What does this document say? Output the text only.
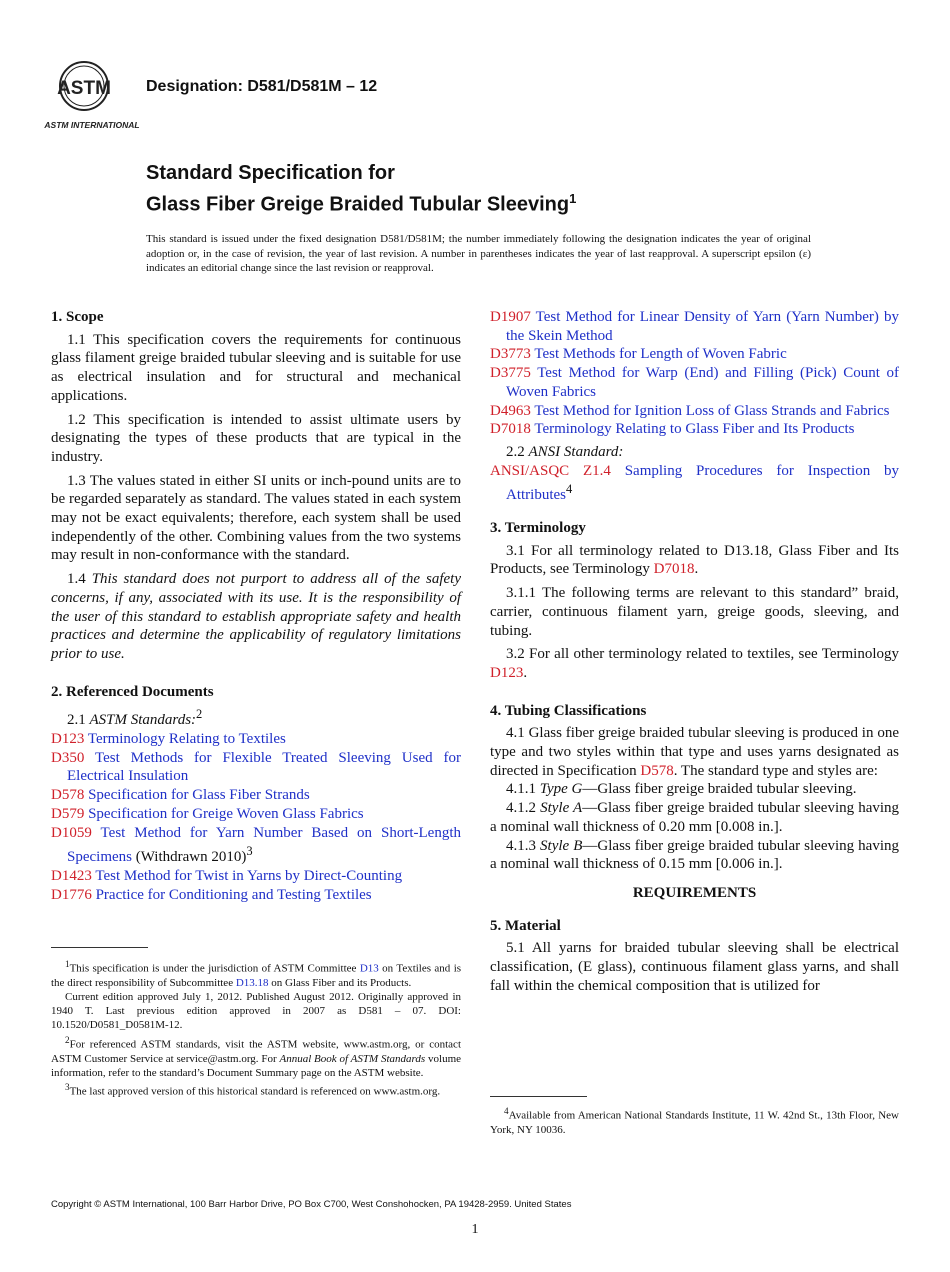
ASTM
ASTM INTERNATIONAL
Designation: D581/D581M – 12
Standard Specification for
Glass Fiber Greige Braided Tubular Sleeving$^1$
This standard is issued under the fixed designation D581/D581M; the number immediately following the designation indicates the year of original adoption or, in the case of revision, the year of last revision. A number in parentheses indicates the year of last reapproval. A superscript epsilon (ε) indicates an editorial change since the last revision or reapproval.
1. Scope
1.1 This specification covers the requirements for continuous glass filament greige braided tubular sleeving and is suitable for use as electrical insulation and for structural and mechanical applications.
1.2 This specification is intended to assist ultimate users by designating the types of these products that are typical in the industry.
1.3 The values stated in either SI units or inch-pound units are to be regarded separately as standard. The values stated in each system may not be exact equivalents; therefore, each system shall be used independently of the other. Combining values from the two systems may result in non-conformance with the standard.
1.4 This standard does not purport to address all of the safety concerns, if any, associated with its use. It is the responsibility of the user of this standard to establish appropriate safety and health practices and determine the applicability of regulatory limitations prior to use.
2. Referenced Documents
2.1 ASTM Standards:$^2$
D123 Terminology Relating to Textiles
D350 Test Methods for Flexible Treated Sleeving Used for Electrical Insulation
D578 Specification for Glass Fiber Strands
D579 Specification for Greige Woven Glass Fabrics
D1059 Test Method for Yarn Number Based on Short-Length Specimens (Withdrawn 2010)$^3$
D1423 Test Method for Twist in Yarns by Direct-Counting
D1776 Practice for Conditioning and Testing Textiles
D1907 Test Method for Linear Density of Yarn (Yarn Number) by the Skein Method
D3773 Test Methods for Length of Woven Fabric
D3775 Test Method for Warp (End) and Filling (Pick) Count of Woven Fabrics
D4963 Test Method for Ignition Loss of Glass Strands and Fabrics
D7018 Terminology Relating to Glass Fiber and Its Products
2.2 ANSI Standard:
ANSI/ASQC Z1.4 Sampling Procedures for Inspection by Attributes$^4$
3. Terminology
3.1 For all terminology related to D13.18, Glass Fiber and Its Products, see Terminology D7018.
3.1.1 The following terms are relevant to this standard” braid, carrier, continuous filament yarn, greige goods, sleeving, and tubing.
3.2 For all other terminology related to textiles, see Terminology D123.
4. Tubing Classifications
4.1 Glass fiber greige braided tubular sleeving is produced in one type and two styles within that type and uses yarns designated as directed in Specification D578. The standard type and styles are:
4.1.1 Type G—Glass fiber greige braided tubular sleeving.
4.1.2 Style A—Glass fiber greige braided tubular sleeving having a nominal wall thickness of 0.20 mm [0.008 in.].
4.1.3 Style B—Glass fiber greige braided tubular sleeving having a nominal wall thickness of 0.15 mm [0.006 in.].
REQUIREMENTS
5. Material
5.1 All yarns for braided tubular sleeving shall be electrical classification, (E glass), continuous filament glass yarns, and shall fall within the chemical composition that is utilized for

$^1$This specification is under the jurisdiction of ASTM Committee D13 on Textiles and is the direct responsibility of Subcommittee D13.18 on Glass Fiber and its Products.

Current edition approved July 1, 2012. Published August 2012. Originally approved in 1940 T. Last previous edition approved in 2007 as D581 – 07. DOI: 10.1520/D0581_D0581M-12.

$^2$For referenced ASTM standards, visit the ASTM website, www.astm.org, or contact ASTM Customer Service at service@astm.org. For Annual Book of ASTM Standards volume information, refer to the standard’s Document Summary page on the ASTM website.

$^3$The last approved version of this historical standard is referenced on www.astm.org.

$^4$Available from American National Standards Institute, 11 W. 42nd St., 13th Floor, New York, NY 10036.

Copyright © ASTM International, 100 Barr Harbor Drive, PO Box C700, West Conshohocken, PA 19428-2959. United States
1
